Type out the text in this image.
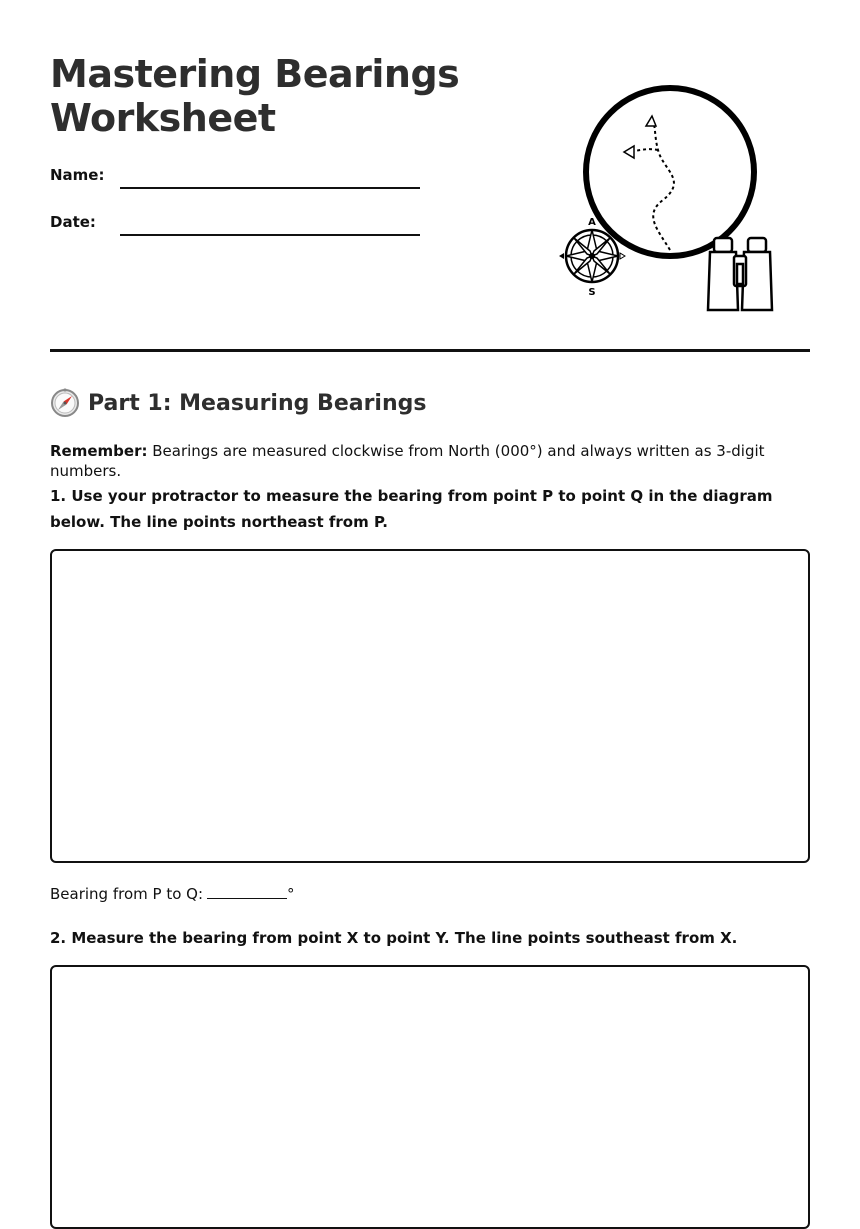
Mastering Bearings Worksheet
Name:
Date:	A
S
Part 1: Measuring Bearings

Remember: Bearings are measured clockwise from North (000°) and always written as 3-digit numbers.

1. Use your protractor to measure the bearing from point P to point Q in the diagram below. The line points northeast from P.

Bearing from P to Q:	°

2. Measure the bearing from point X to point Y. The line points southeast from X.
